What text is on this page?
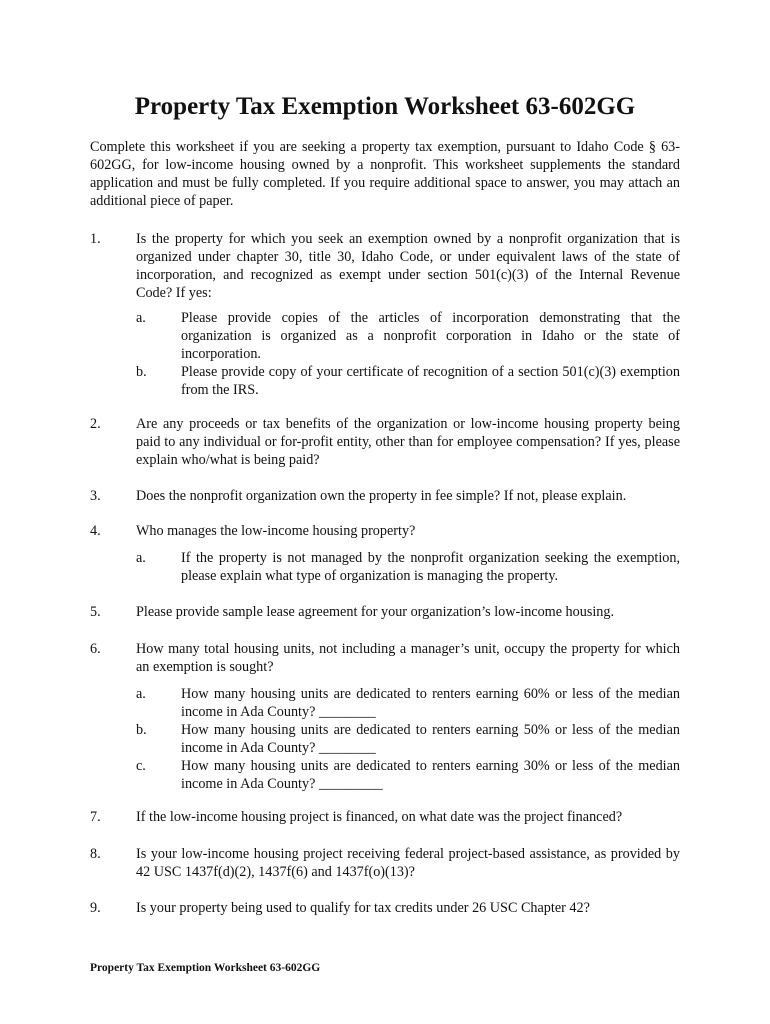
Property Tax Exemption Worksheet 63-602GG

Complete this worksheet if you are seeking a property tax exemption, pursuant to Idaho Code § 63-602GG, for low-income housing owned by a nonprofit. This worksheet supplements the standard application and must be fully completed. If you require additional space to answer, you may attach an additional piece of paper.

1. Is the property for which you seek an exemption owned by a nonprofit organization that is organized under chapter 30, title 30, Idaho Code, or under equivalent laws of the state of incorporation, and recognized as exempt under section 501(c)(3) of the Internal Revenue Code? If yes:
a. Please provide copies of the articles of incorporation demonstrating that the organization is organized as a nonprofit corporation in Idaho or the state of incorporation.
b. Please provide copy of your certificate of recognition of a section 501(c)(3) exemption from the IRS.
2. Are any proceeds or tax benefits of the organization or low-income housing property being paid to any individual or for-profit entity, other than for employee compensation? If yes, please explain who/what is being paid?
3. Does the nonprofit organization own the property in fee simple? If not, please explain.
4. Who manages the low-income housing property?
a. If the property is not managed by the nonprofit organization seeking the exemption, please explain what type of organization is managing the property.
5. Please provide sample lease agreement for your organization’s low-income housing.
6. How many total housing units, not including a manager’s unit, occupy the property for which an exemption is sought?
a. How many housing units are dedicated to renters earning 60% or less of the median income in Ada County? ________
b. How many housing units are dedicated to renters earning 50% or less of the median income in Ada County? ________
c. How many housing units are dedicated to renters earning 30% or less of the median income in Ada County? _________
7. If the low-income housing project is financed, on what date was the project financed?
8. Is your low-income housing project receiving federal project-based assistance, as provided by 42 USC 1437f(d)(2), 1437f(6) and 1437f(o)(13)?
9. Is your property being used to qualify for tax credits under 26 USC Chapter 42?
Property Tax Exemption Worksheet 63-602GG
